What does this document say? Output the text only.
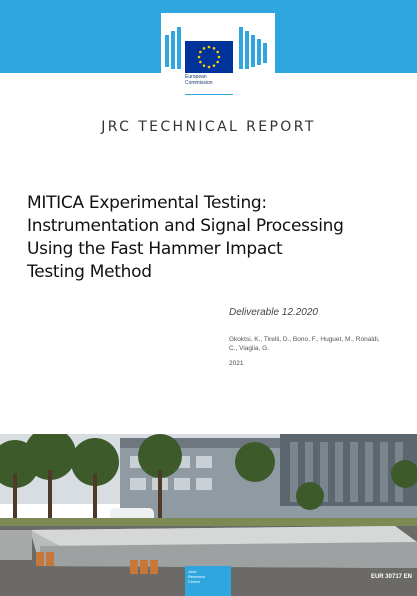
European
Commission
JRC TECHNICAL REPORT
MITICA Experimental Testing:
Instrumentation and Signal Processing
Using the Fast Hammer Impact
Testing Method
Deliverable 12.2020
Gkoktsi, K., Tirelli, D., Bono, F., Huguet, M., Ronaldi, C., Viaglia, G.
2021
Joint
Research
Centre
EUR 30717 EN
